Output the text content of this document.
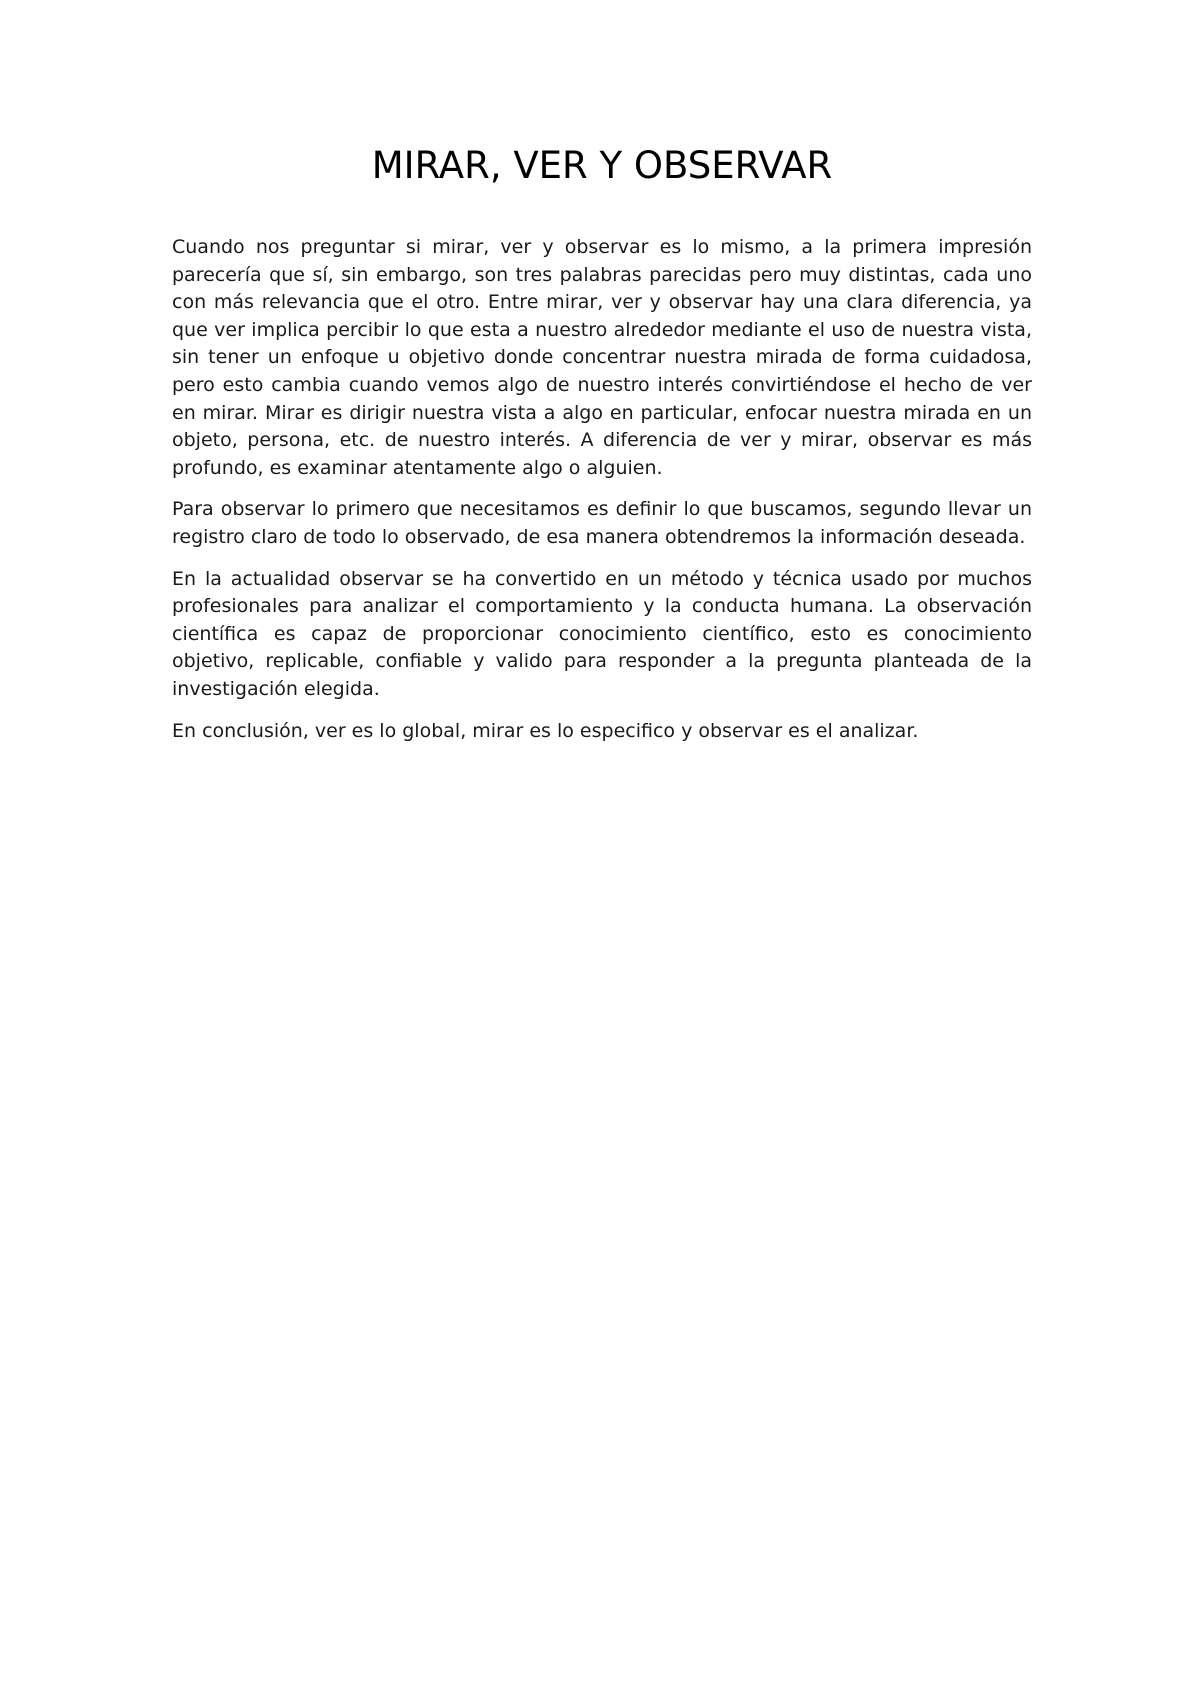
MIRAR, VER Y OBSERVAR

Cuando nos preguntar si mirar, ver y observar es lo mismo, a la primera impresión parecería que sí, sin embargo, son tres palabras parecidas pero muy distintas, cada uno con más relevancia que el otro. Entre mirar, ver y observar hay una clara diferencia, ya que ver implica percibir lo que esta a nuestro alrededor mediante el uso de nuestra vista, sin tener un enfoque u objetivo donde concentrar nuestra mirada de forma cuidadosa, pero esto cambia cuando vemos algo de nuestro interés convirtiéndose el hecho de ver en mirar. Mirar es dirigir nuestra vista a algo en particular, enfocar nuestra mirada en un objeto, persona, etc. de nuestro interés. A diferencia de ver y mirar, observar es más profundo, es examinar atentamente algo o alguien.

Para observar lo primero que necesitamos es definir lo que buscamos, segundo llevar un registro claro de todo lo observado, de esa manera obtendremos la información deseada.

En la actualidad observar se ha convertido en un método y técnica usado por muchos profesionales para analizar el comportamiento y la conducta humana. La observación científica es capaz de proporcionar conocimiento científico, esto es conocimiento objetivo, replicable, confiable y valido para responder a la pregunta planteada de la investigación elegida.

En conclusión, ver es lo global, mirar es lo especifico y observar es el analizar.
